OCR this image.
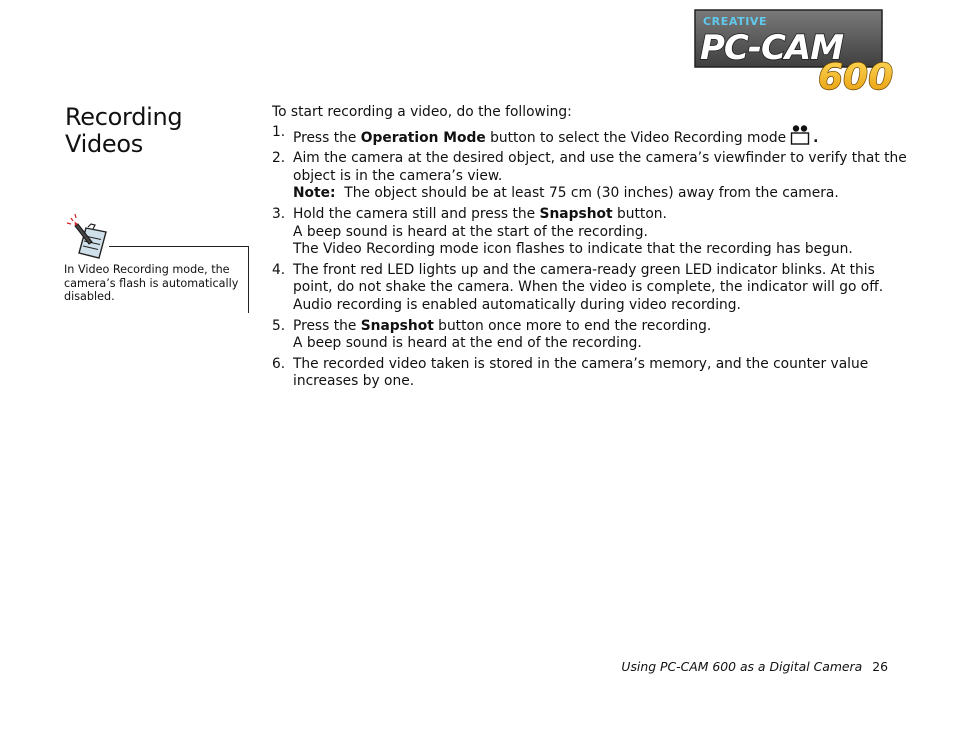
CREATIVE
PC-CAM
600
Recording
Videos
In Video Recording mode, the camera’s flash is automatically disabled.

To start recording a video, do the following:

1. Press the Operation Mode button to select the Video Recording mode .
2. Aim the camera at the desired object, and use the camera’s viewfinder to verify that the object is in the camera’s view.
Note:  The object should be at least 75 cm (30 inches) away from the camera.
3. Hold the camera still and press the Snapshot button.
A beep sound is heard at the start of the recording.
The Video Recording mode icon flashes to indicate that the recording has begun.
4. The front red LED lights up and the camera-ready green LED indicator blinks. At this point, do not shake the camera. When the video is complete, the indicator will go off.
Audio recording is enabled automatically during video recording.
5. Press the Snapshot button once more to end the recording.
A beep sound is heard at the end of the recording.
6. The recorded video taken is stored in the camera’s memory, and the counter value increases by one.
Using PC-CAM 600 as a Digital Camera 26
